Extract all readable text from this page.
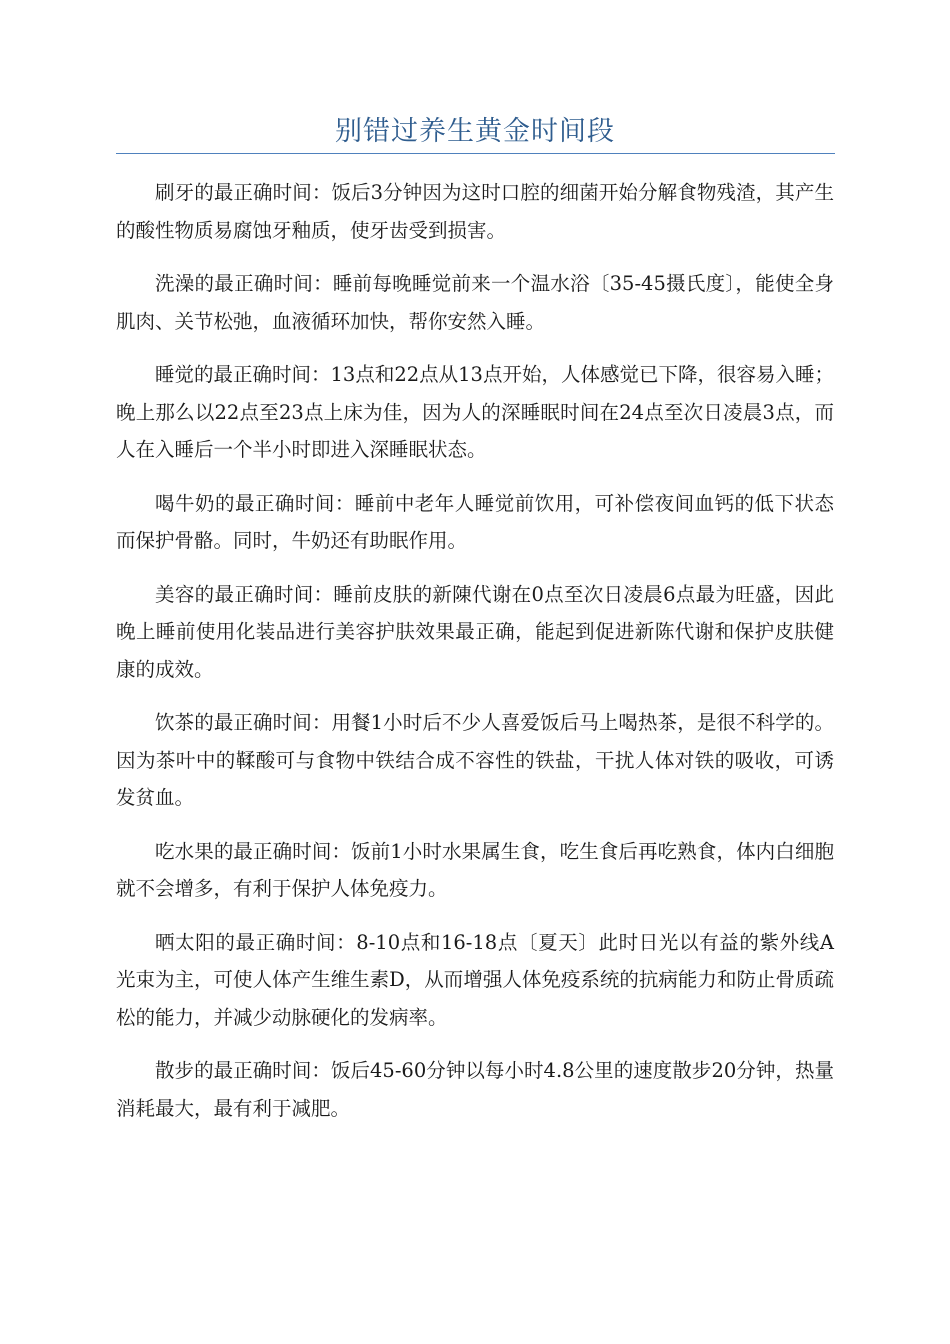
别错过养生黄金时间段

刷牙的最正确时间：饭后3分钟因为这时口腔的细菌开始分解食物残渣，其产生的酸性物质易腐蚀牙釉质，使牙齿受到损害。

洗澡的最正确时间：睡前每晚睡觉前来一个温水浴〔35-45摄氏度〕，能使全身肌肉、关节松弛，血液循环加快，帮你安然入睡。

睡觉的最正确时间：13点和22点从13点开始，人体感觉已下降，很容易入睡；晚上那么以22点至23点上床为佳，因为人的深睡眠时间在24点至次日凌晨3点，而人在入睡后一个半小时即进入深睡眠状态。

喝牛奶的最正确时间：睡前中老年人睡觉前饮用，可补偿夜间血钙的低下状态而保护骨骼。同时，牛奶还有助眠作用。

美容的最正确时间：睡前皮肤的新陳代谢在0点至次日凌晨6点最为旺盛，因此晚上睡前使用化装品进行美容护肤效果最正确，能起到促进新陈代谢和保护皮肤健康的成效。

饮茶的最正确时间：用餐1小时后不少人喜爱饭后马上喝热茶，是很不科学的。因为茶叶中的鞣酸可与食物中铁结合成不容性的铁盐，干扰人体对铁的吸收，可诱发贫血。

吃水果的最正确时间：饭前1小时水果属生食，吃生食后再吃熟食，体内白细胞就不会增多，有利于保护人体免疫力。

晒太阳的最正确时间：8-10点和16-18点〔夏天〕此时日光以有益的紫外线A光束为主，可使人体产生维生素D，从而增强人体免疫系统的抗病能力和防止骨质疏松的能力，并减少动脉硬化的发病率。

散步的最正确时间：饭后45-60分钟以每小时4.8公里的速度散步20分钟，热量消耗最大，最有利于减肥。
